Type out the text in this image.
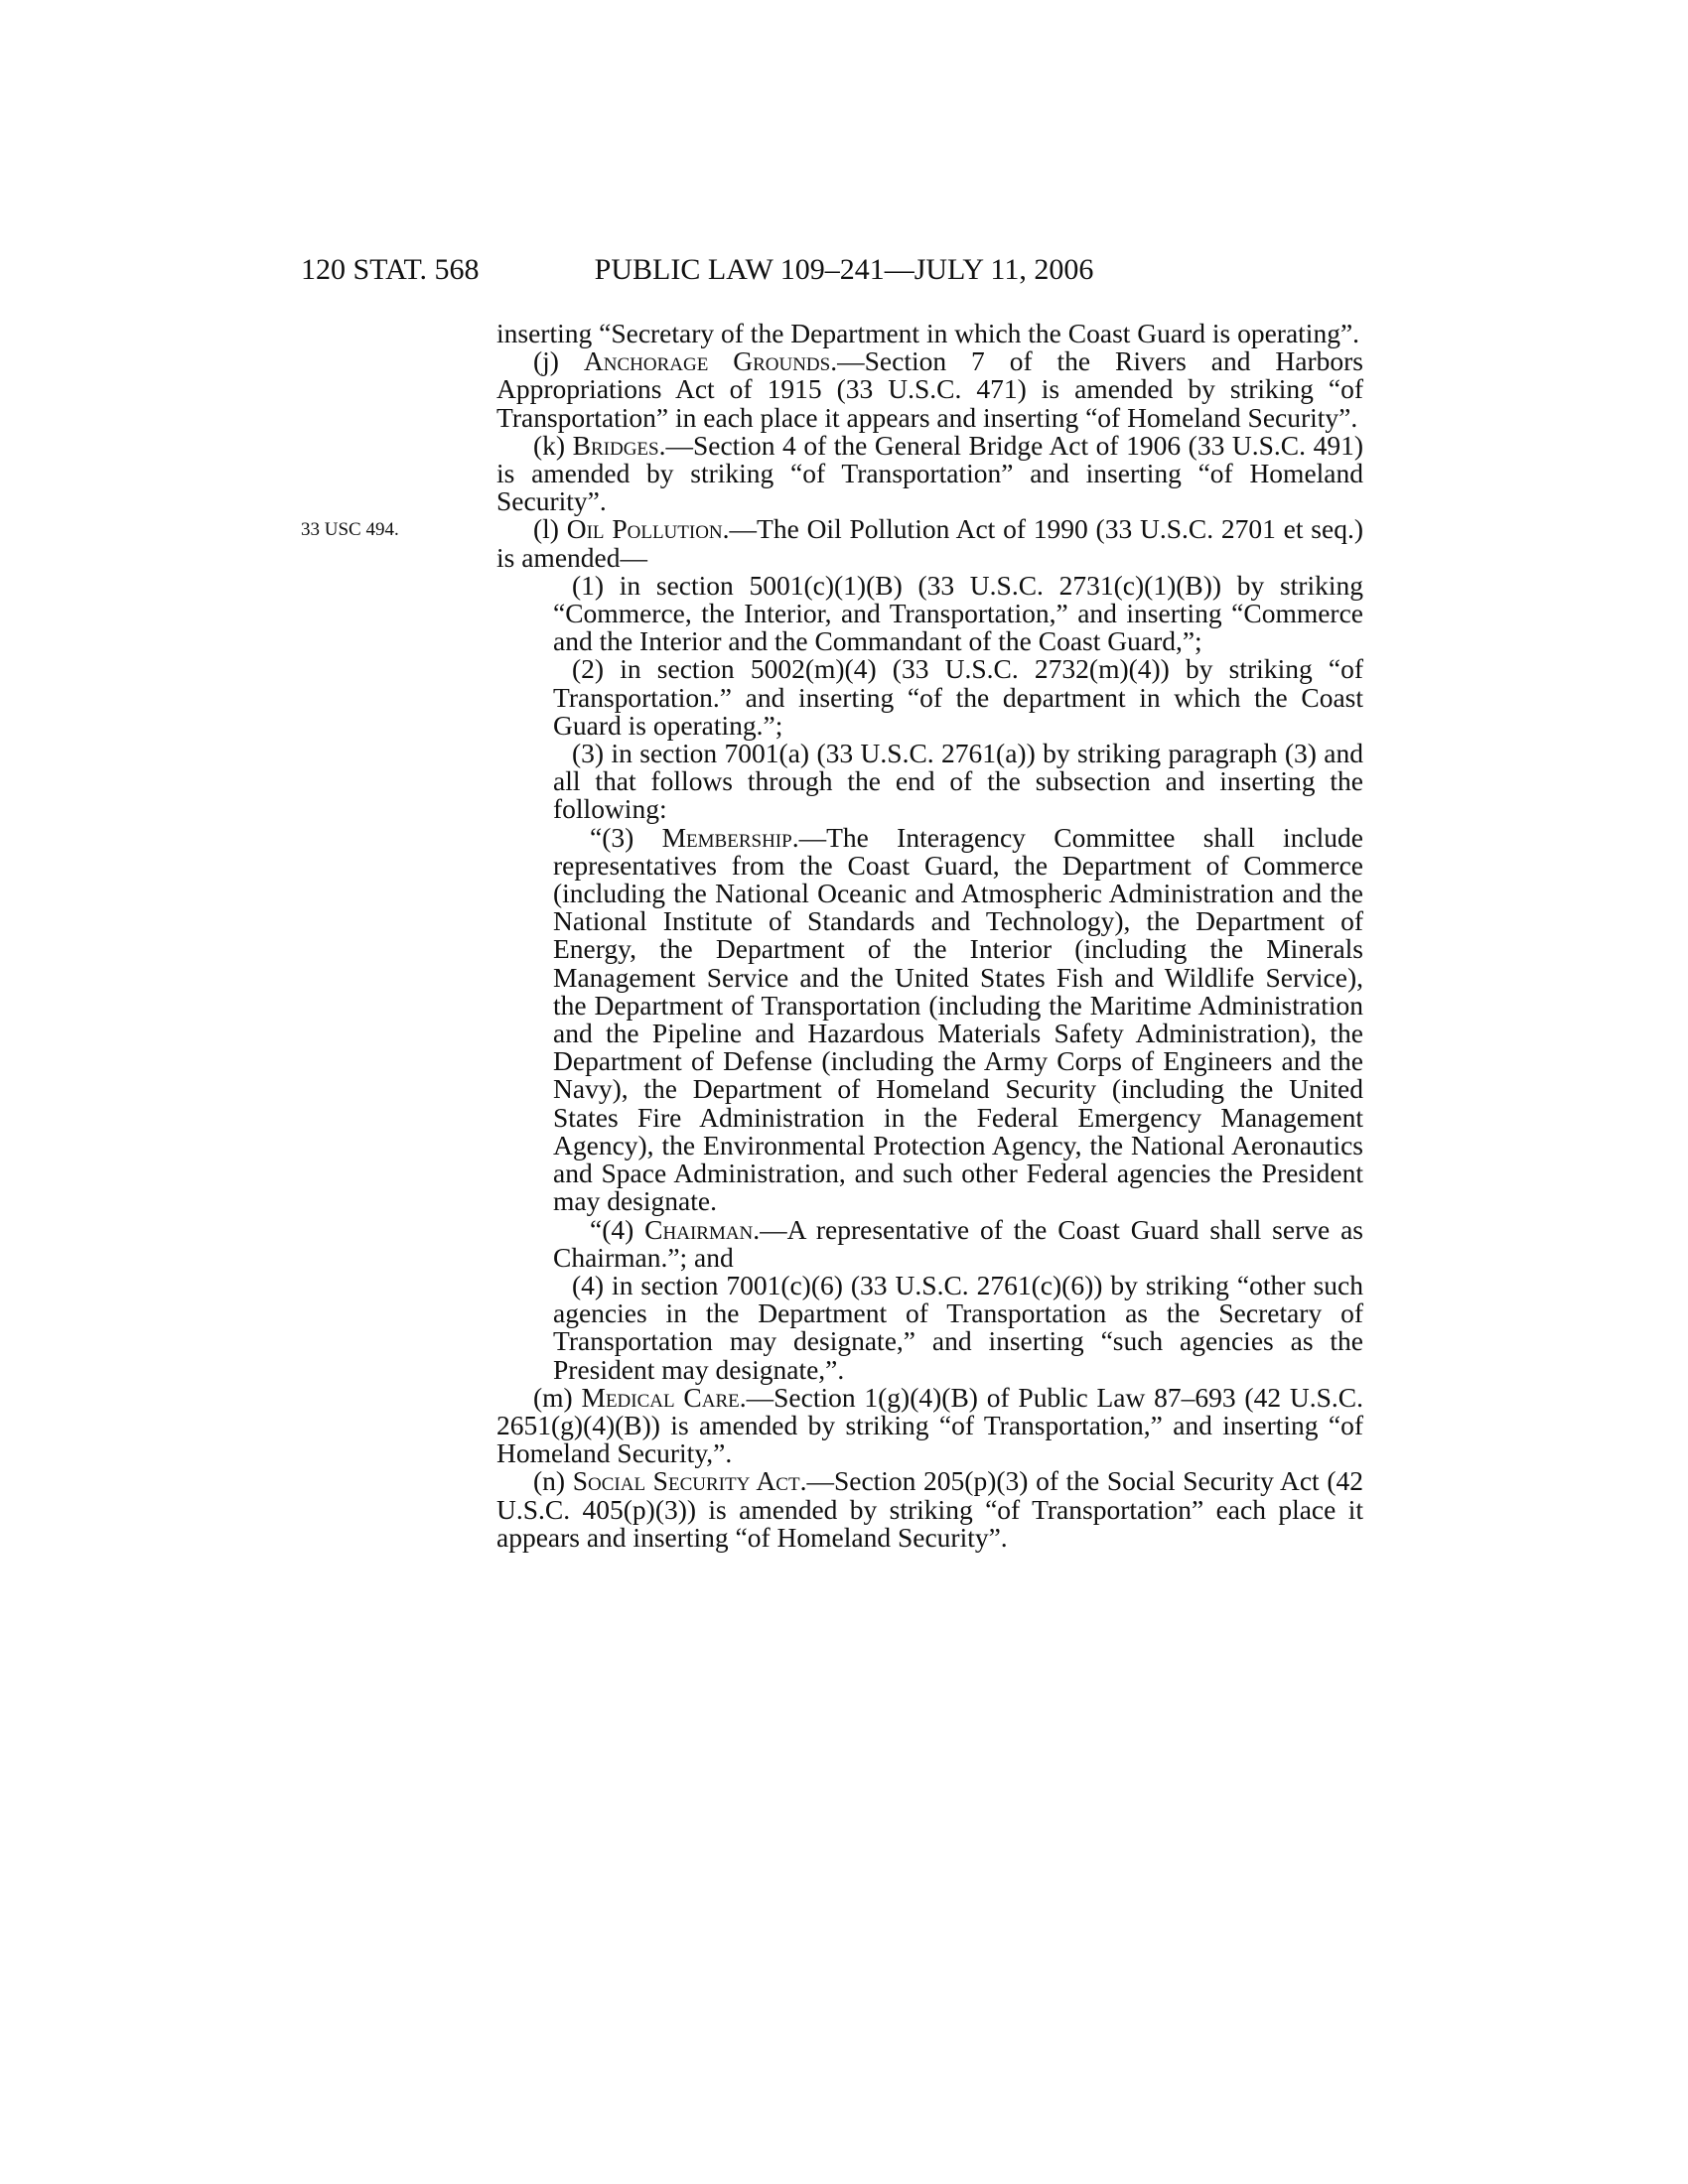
120 STAT. 568	PUBLIC LAW 109–241—JULY 11, 2006
33 USC 494.

inserting “Secretary of the Department in which the Coast Guard is operating”.

(j) Anchorage Grounds.—Section 7 of the Rivers and Harbors Appropriations Act of 1915 (33 U.S.C. 471) is amended by striking “of Transportation” in each place it appears and inserting “of Homeland Security”.

(k) Bridges.—Section 4 of the General Bridge Act of 1906 (33 U.S.C. 491) is amended by striking “of Transportation” and inserting “of Homeland Security”.

(l) Oil Pollution.—The Oil Pollution Act of 1990 (33 U.S.C. 2701 et seq.) is amended—

(1) in section 5001(c)(1)(B) (33 U.S.C. 2731(c)(1)(B)) by striking “Commerce, the Interior, and Transportation,” and inserting “Commerce and the Interior and the Commandant of the Coast Guard,”;

(2) in section 5002(m)(4) (33 U.S.C. 2732(m)(4)) by striking “of Transportation.” and inserting “of the department in which the Coast Guard is operating.”;

(3) in section 7001(a) (33 U.S.C. 2761(a)) by striking paragraph (3) and all that follows through the end of the subsection and inserting the following:

“(3) Membership.—The Interagency Committee shall include representatives from the Coast Guard, the Department of Commerce (including the National Oceanic and Atmospheric Administration and the National Institute of Standards and Technology), the Department of Energy, the Department of the Interior (including the Minerals Management Service and the United States Fish and Wildlife Service), the Department of Transportation (including the Maritime Administration and the Pipeline and Hazardous Materials Safety Administration), the Department of Defense (including the Army Corps of Engineers and the Navy), the Department of Homeland Security (including the United States Fire Administration in the Federal Emergency Management Agency), the Environmental Protection Agency, the National Aeronautics and Space Administration, and such other Federal agencies the President may designate.

“(4) Chairman.—A representative of the Coast Guard shall serve as Chairman.”; and

(4) in section 7001(c)(6) (33 U.S.C. 2761(c)(6)) by striking “other such agencies in the Department of Transportation as the Secretary of Transportation may designate,” and inserting “such agencies as the President may designate,”.

(m) Medical Care.—Section 1(g)(4)(B) of Public Law 87–693 (42 U.S.C. 2651(g)(4)(B)) is amended by striking “of Transportation,” and inserting “of Homeland Security,”.

(n) Social Security Act.—Section 205(p)(3) of the Social Security Act (42 U.S.C. 405(p)(3)) is amended by striking “of Transportation” each place it appears and inserting “of Homeland Security”.
